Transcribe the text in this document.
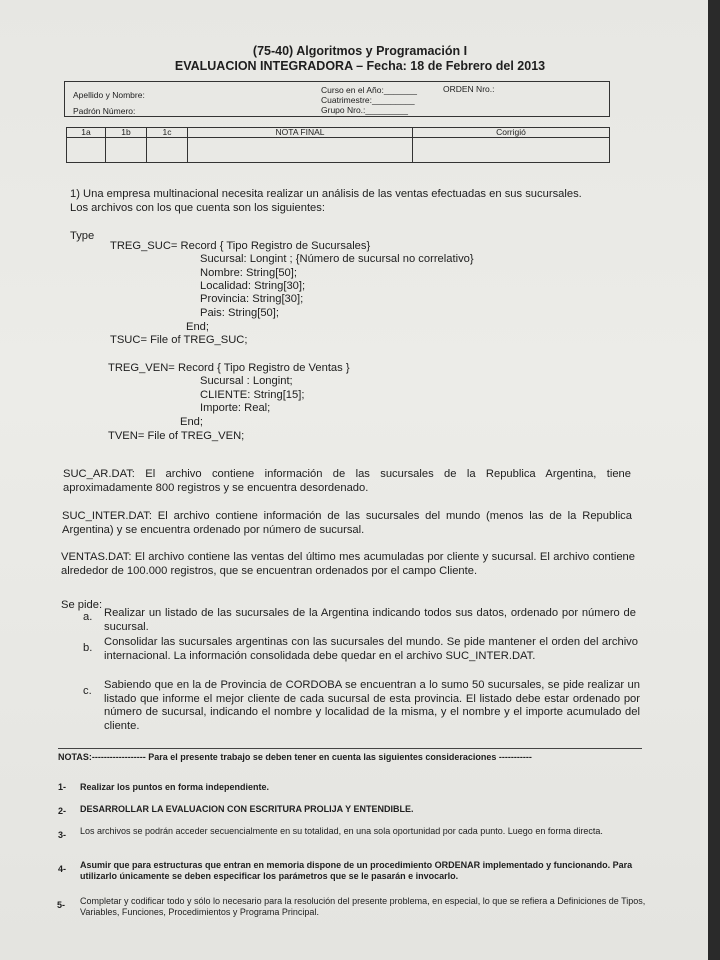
(75-40) Algoritmos y Programación I
EVALUACION INTEGRADORA – Fecha: 18 de Febrero del 2013
Apellido y Nombre:
Padrón Número:
Curso en el Año:_______
Cuatrimestre:_________
Grupo Nro.:_________
ORDEN Nro.:
1a	1b	1c	NOTA FINAL	Corrigió

1) Una empresa multinacional necesita realizar un análisis de las ventas efectuadas en sus sucursales.
Los archivos con los que cuenta son los siguientes:
Type
TREG_SUC= Record { Tipo Registro de Sucursales}
Sucursal: Longint ; {Número de sucursal no correlativo}
Nombre: String[50];
Localidad: String[30];
Provincia: String[30];
Pais: String[50];
End;
TSUC= File of TREG_SUC;
TREG_VEN= Record { Tipo Registro de Ventas }
Sucursal : Longint;
CLIENTE: String[15];
Importe: Real;
End;
TVEN= File of TREG_VEN;
SUC_AR.DAT: El archivo contiene información de las sucursales de la Republica Argentina, tiene aproximadamente 800 registros y se encuentra desordenado.
SUC_INTER.DAT: El archivo contiene información de las sucursales del mundo (menos las de la Republica Argentina) y se encuentra ordenado por número de sucursal.
VENTAS.DAT: El archivo contiene las ventas del último mes acumuladas por cliente y sucursal. El archivo contiene alrededor de 100.000 registros, que se encuentran ordenados por el campo Cliente.
Se pide:
a. Realizar un listado de las sucursales de la Argentina indicando todos sus datos, ordenado por número de sucursal.
b. Consolidar las sucursales argentinas con las sucursales del mundo. Se pide mantener el orden del archivo internacional. La información consolidada debe quedar en el archivo SUC_INTER.DAT.
c. Sabiendo que en la de Provincia de CORDOBA se encuentran a lo sumo 50 sucursales, se pide realizar un listado que informe el mejor cliente de cada sucursal de esta provincia. El listado debe estar ordenado por número de sucursal, indicando el nombre y localidad de la misma, y el nombre y el importe acumulado del cliente.
NOTAS:------------------ Para el presente trabajo se deben tener en cuenta las siguientes consideraciones -----------
1- Realizar los puntos en forma independiente.
2- DESARROLLAR LA EVALUACION CON ESCRITURA PROLIJA Y ENTENDIBLE.
3- Los archivos se podrán acceder secuencialmente en su totalidad, en una sola oportunidad por cada punto. Luego en forma directa.
4- Asumir que para estructuras que entran en memoria dispone de un procedimiento ORDENAR implementado y funcionando. Para utilizarlo únicamente se deben especificar los parámetros que se le pasarán e invocarlo.
5- Completar y codificar todo y sólo lo necesario para la resolución del presente problema, en especial, lo que se refiera a Definiciones de Tipos, Variables, Funciones, Procedimientos y Programa Principal.
